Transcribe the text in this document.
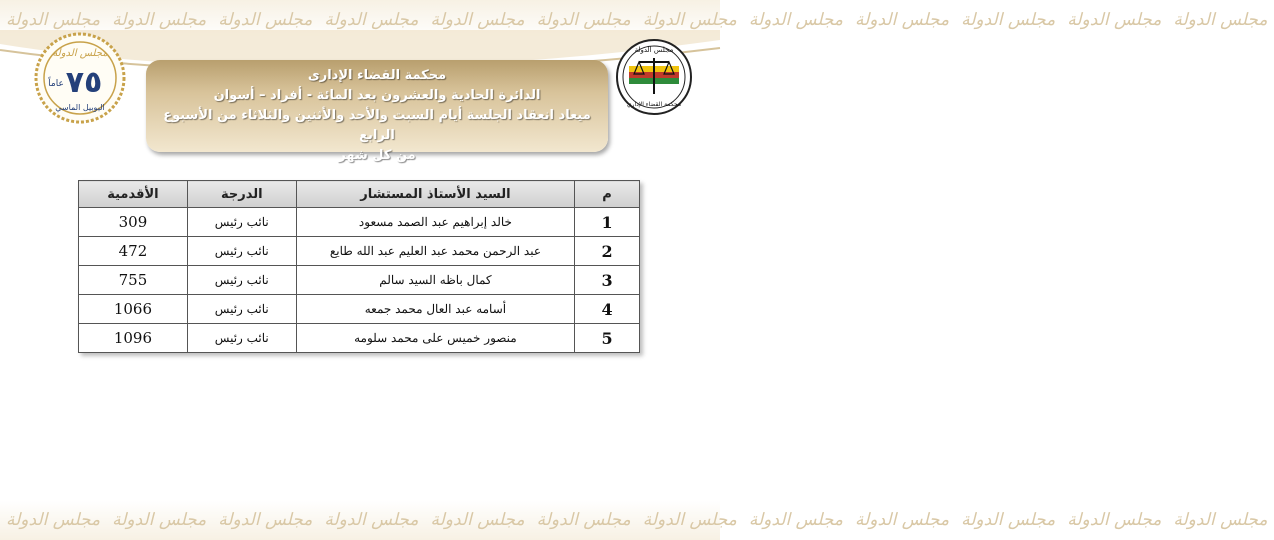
مجلس الدولة مجلس الدولة مجلس الدولة مجلس الدولة مجلس الدولة مجلس الدولة مجلس الدولة مجلس الدولة مجلس الدولة مجلس الدولة مجلس الدولة مجلس الدولة
مجلس الدولة مجلس الدولة مجلس الدولة مجلس الدولة مجلس الدولة مجلس الدولة مجلس الدولة مجلس الدولة مجلس الدولة مجلس الدولة مجلس الدولة مجلس الدولة
مجلس الدولة
٧٥
عاماً
اليوبيل الماسي
مجلس الدولة
محكمة القضاء الإداري
محكمة القضاء الإدارى
الدائرة الحادية والعشرون بعد المائة - أفراد – أسوان
ميعاد انعقاد الجلسة أيام السبت والأحد والأثنين والثلاثاء من الأسبوع الرابع
من كل شهر
م	السيد الأستاذ المستشار	الدرجة	الأقدمية
1	خالد إبراهيم عبد الصمد مسعود	نائب رئيس	309
2	عبد الرحمن محمد عبد العليم عبد الله طايع	نائب رئيس	472
3	كمال باظه السيد سالم	نائب رئيس	755
4	أسامه عبد العال محمد جمعه	نائب رئيس	1066
5	منصور خميس على محمد سلومه	نائب رئيس	1096
